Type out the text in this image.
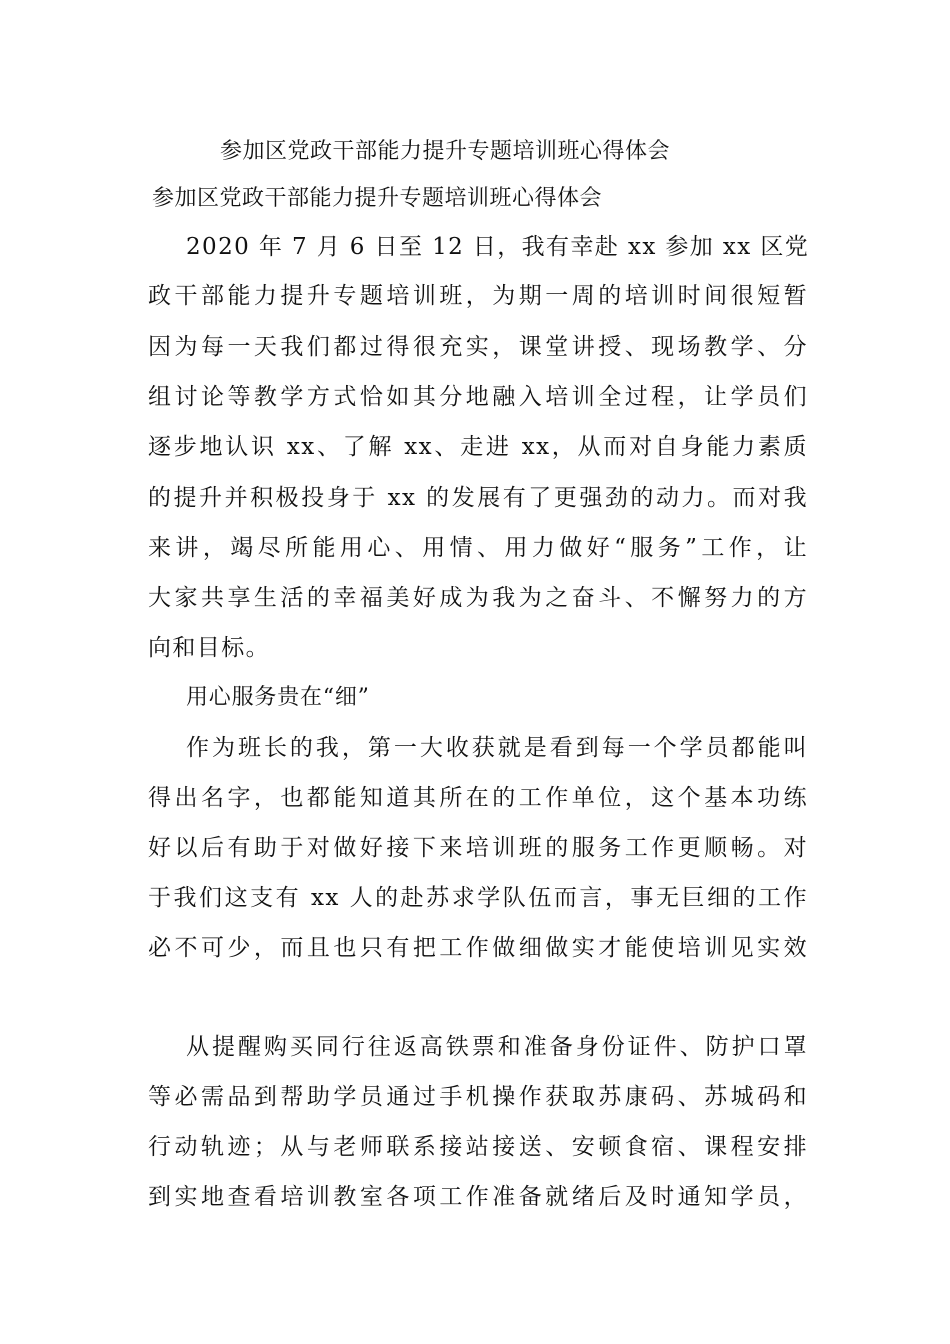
参加区党政干部能力提升专题培训班心得体会
参加区党政干部能力提升专题培训班心得体会
2020 年 7 月 6 日至 12 日，我有幸赴 xx 参加 xx 区党
政干部能力提升专题培训班，为期一周的培训时间很短暂
因为每一天我们都过得很充实，课堂讲授、现场教学、分
组讨论等教学方式恰如其分地融入培训全过程，让学员们
逐步地认识 xx、了解 xx、走进 xx，从而对自身能力素质
的提升并积极投身于 xx 的发展有了更强劲的动力。而对我
来讲，竭尽所能用心、用情、用力做好“服务”工作，让
大家共享生活的幸福美好成为我为之奋斗、不懈努力的方
向和目标。
用心服务贵在“细”
作为班长的我，第一大收获就是看到每一个学员都能叫
得出名字，也都能知道其所在的工作单位，这个基本功练
好以后有助于对做好接下来培训班的服务工作更顺畅。对
于我们这支有 xx 人的赴苏求学队伍而言，事无巨细的工作
必不可少，而且也只有把工作做细做实才能使培训见实效
从提醒购买同行往返高铁票和准备身份证件、防护口罩
等必需品到帮助学员通过手机操作获取苏康码、苏城码和
行动轨迹；从与老师联系接站接送、安顿食宿、课程安排
到实地查看培训教室各项工作准备就绪后及时通知学员，
